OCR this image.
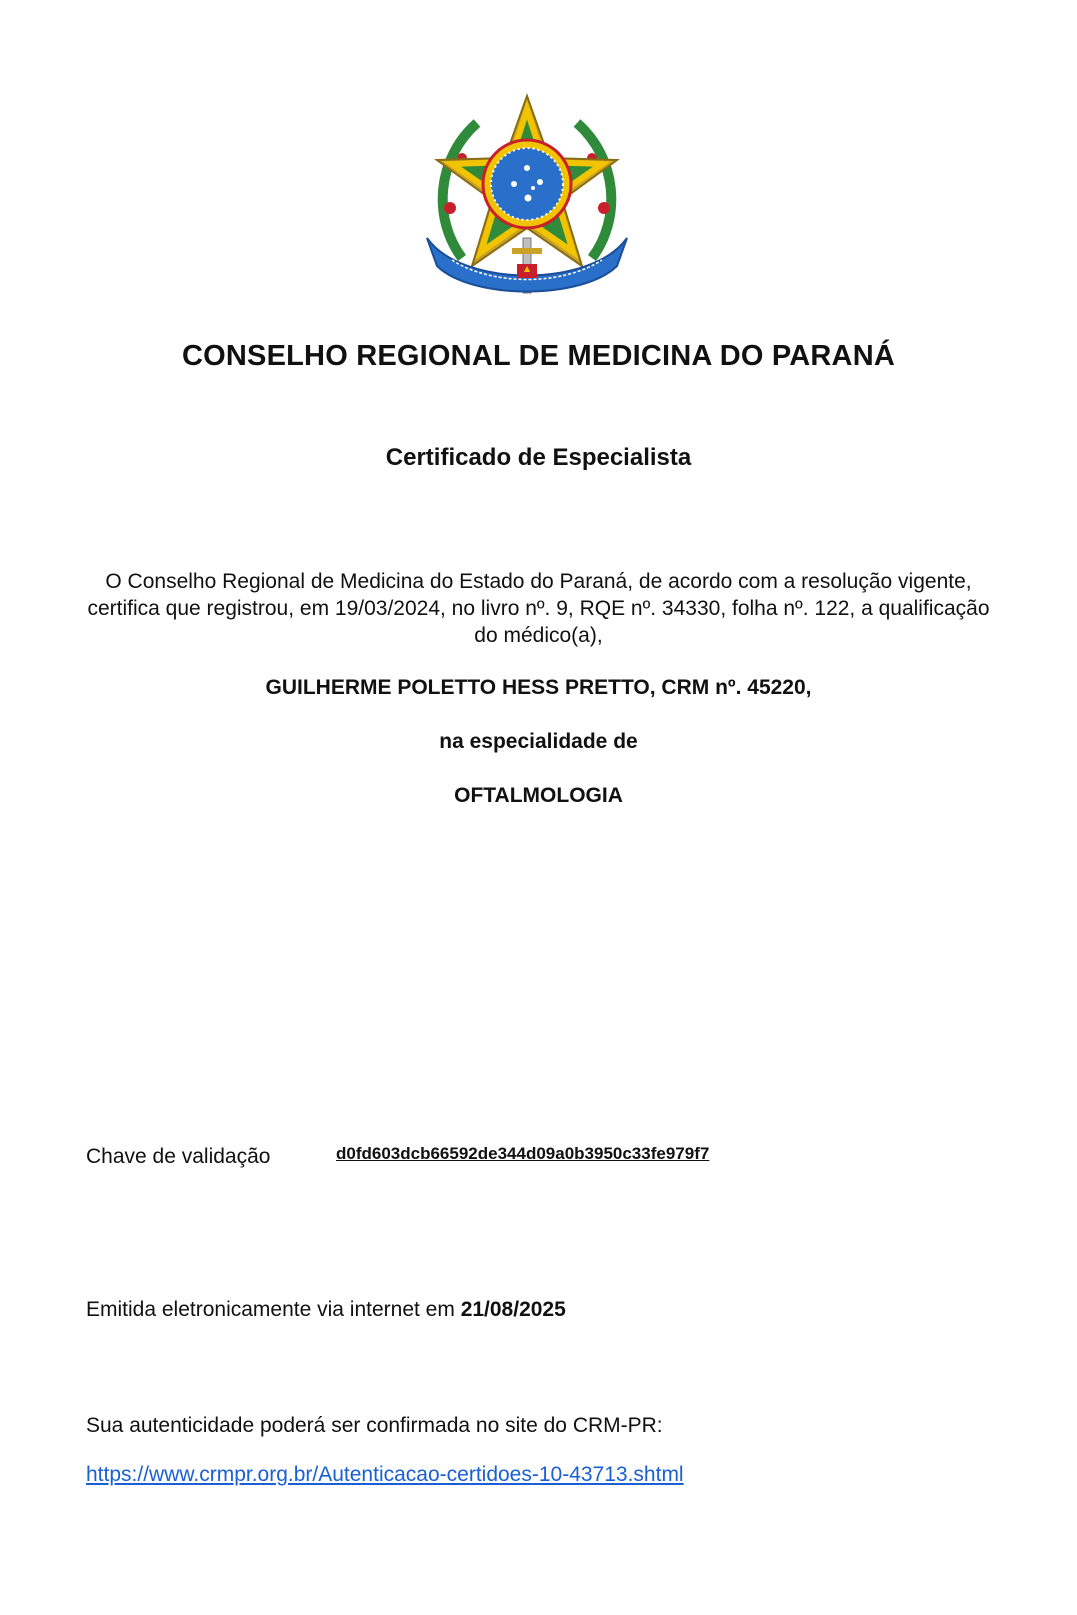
CONSELHO REGIONAL DE MEDICINA DO PARANÁ
Certificado de Especialista
O Conselho Regional de Medicina do Estado do Paraná, de acordo com a resolução vigente, certifica que registrou, em 19/03/2024, no livro nº. 9, RQE nº. 34330, folha nº. 122, a qualificação do médico(a),
GUILHERME POLETTO HESS PRETTO, CRM nº. 45220,
na especialidade de
OFTALMOLOGIA
Chave de validação	d0fd603dcb66592de344d09a0b3950c33fe979f7
Emitida eletronicamente via internet em 21/08/2025
Sua autenticidade poderá ser confirmada no site do CRM-PR:
https://www.crmpr.org.br/Autenticacao-certidoes-10-43713.shtml
